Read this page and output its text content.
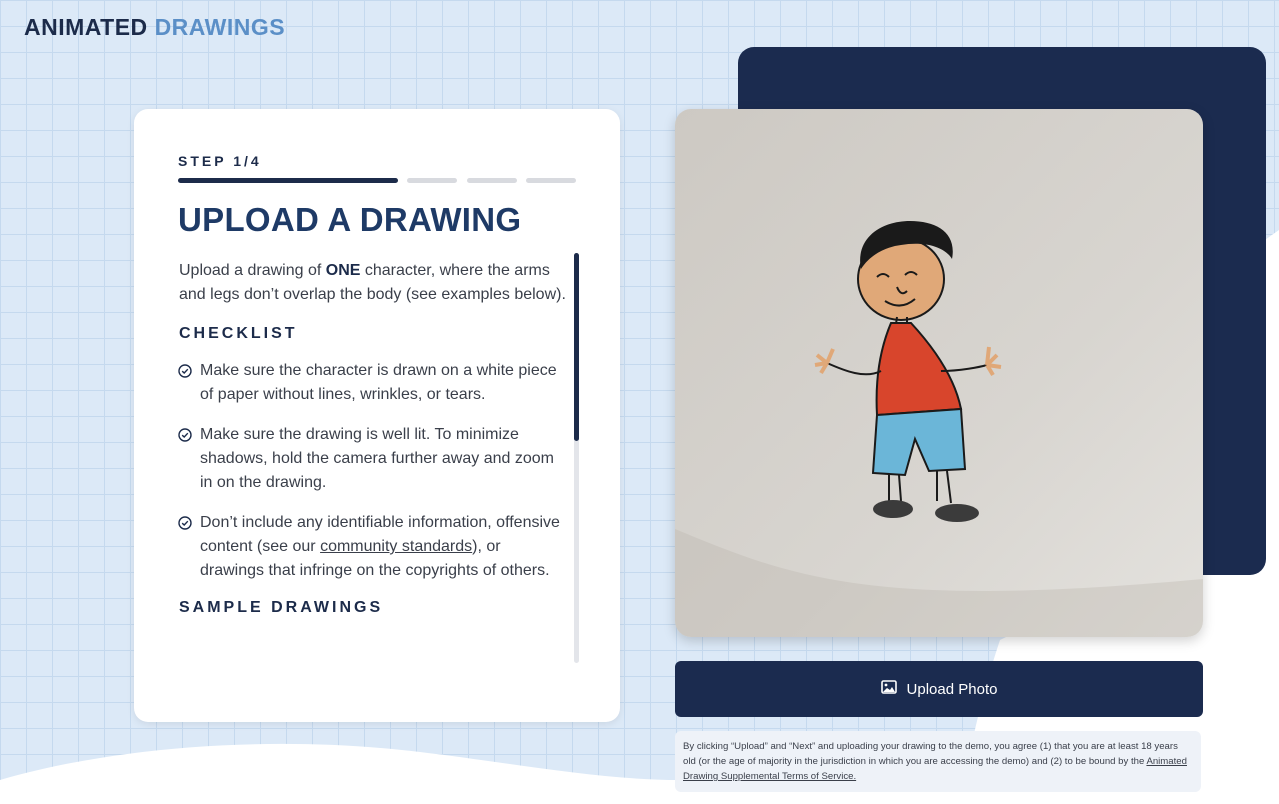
ANIMATED DRAWINGS
STEP 1/4
UPLOAD A DRAWING

Upload a drawing of ONE character, where the arms and legs don’t overlap the body (see examples below).

CHECKLIST
Make sure the character is drawn on a white piece of paper without lines, wrinkles, or tears.
Make sure the drawing is well lit. To minimize shadows, hold the camera further away and zoom in on the drawing.
Don’t include any identifiable information, offensive content (see our community standards), or drawings that infringe on the copyrights of others.
SAMPLE DRAWINGS
Upload Photo
By clicking “Upload” and “Next” and uploading your drawing to the demo, you agree (1) that you are at least 18 years old (or the age of majority in the jurisdiction in which you are accessing the demo) and (2) to be bound by the Animated Drawing Supplemental Terms of Service.
